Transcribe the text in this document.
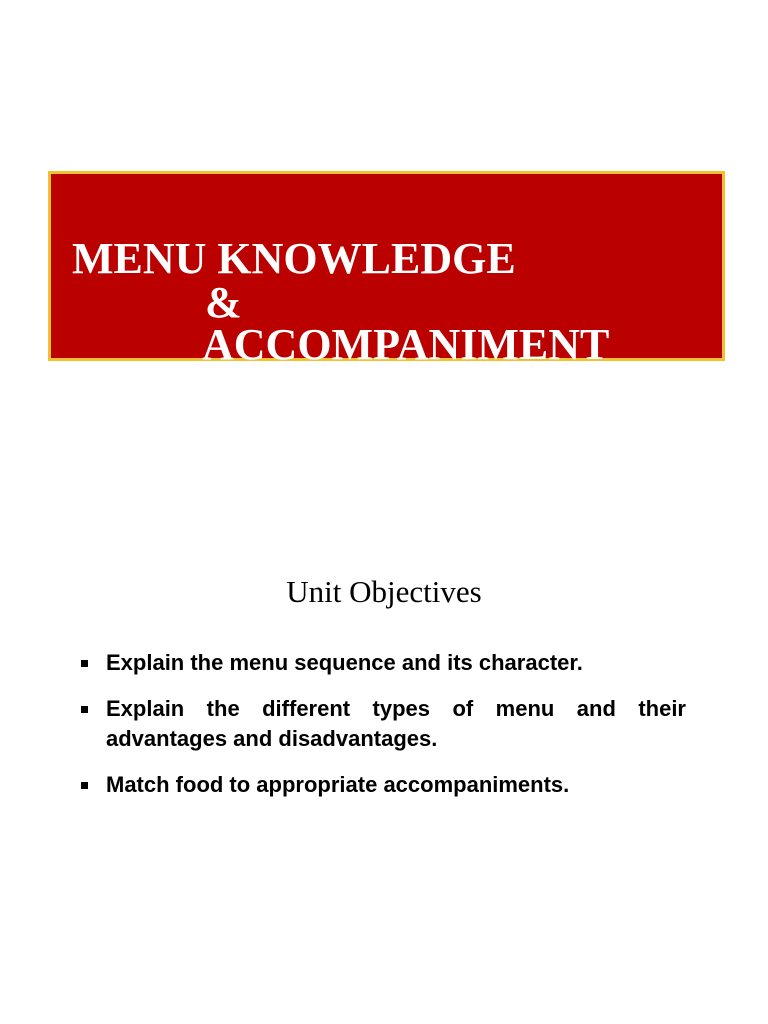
MENU KNOWLEDGE
&
ACCOMPANIMENT
Unit Objectives
Explain the menu sequence and its character.
Explain the different types of menu and their advantages and disadvantages.
Match food to appropriate accompaniments.
